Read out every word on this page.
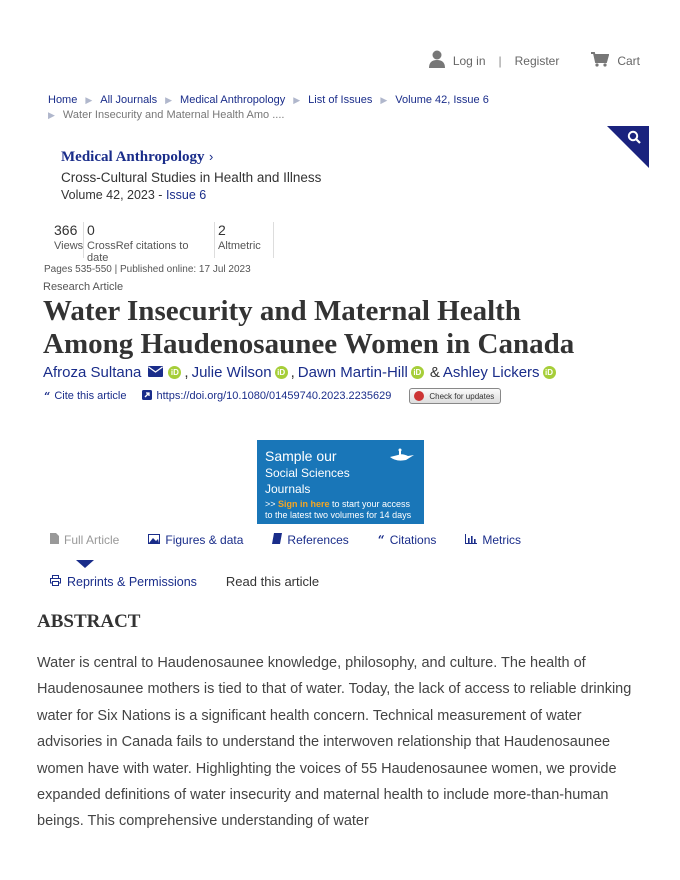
Log in | Register	Cart
Home ▶ All Journals ▶ Medical Anthropology ▶ List of Issues ▶ Volume 42, Issue 6
▶ Water Insecurity and Maternal Health Amo ....
Medical Anthropology ›
Cross-Cultural Studies in Health and Illness
Volume 42, 2023 - Issue 6
366
Views
0
CrossRef citations to date
2
Altmetric
Pages 535-550 | Published online: 17 Jul 2023
Research Article
Water Insecurity and Maternal Health
Among Haudenosaunee Women in Canada
Afroza Sultana	iD , Julie Wilson iD , Dawn Martin-Hill iD & Ashley Lickers iD
“ Cite this article	https://doi.org/10.1080/01459740.2023.2235629	Check for updates
Sample our
Social Sciences
Journals
>> Sign in here to start your access
to the latest two volumes for 14 days
Full Article	Figures & data	References “ Citations	Metrics
Reprints & Permissions Read this article
ABSTRACT
Water is central to Haudenosaunee knowledge, philosophy, and culture. The health of Haudenosaunee mothers is tied to that of water. Today, the lack of access to reliable drinking water for Six Nations is a significant health concern. Technical measurement of water advisories in Canada fails to understand the interwoven relationship that Haudenosaunee women have with water. Highlighting the voices of 55 Haudenosaunee women, we provide expanded definitions of water insecurity and maternal health to include more-than-human beings. This comprehensive understanding of water
